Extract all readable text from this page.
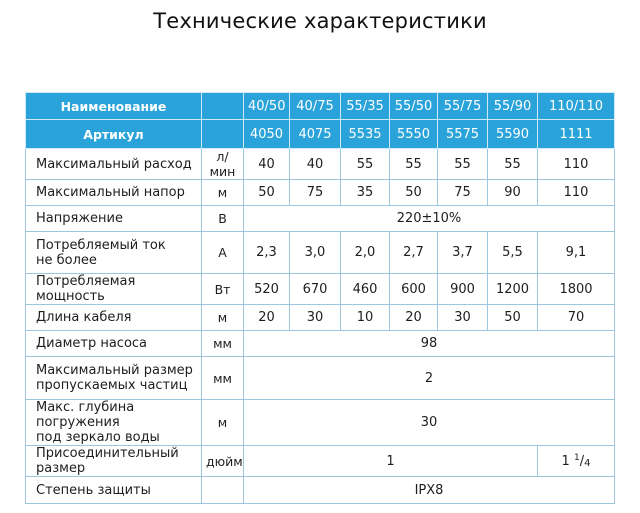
Технические характеристики
Наименование		40/50	40/75	55/35	55/50	55/75	55/90	110/110
Артикул		4050	4075	5535	5550	5575	5590	1111
Максимальный расход	л/мин	40	40	55	55	55	55	110
Максимальный напор	м	50	75	35	50	75	90	110
Напряжение	В	220±10%						
Потребляемый ток
не более	А	2,3	3,0	2,0	2,7	3,7	5,5	9,1
Потребляемая мощность	Вт	520	670	460	600	900	1200	1800
Длина кабеля	м	20	30	10	20	30	50	70
Диаметр насоса	мм	98						
Максимальный размер
пропускаемых частиц	мм	2						
Макс. глубина погружения
под зеркало воды	м	30						
Присоединительный размер	дюйм	1						1 $^1/_4$
Степень защиты		IPX8						
